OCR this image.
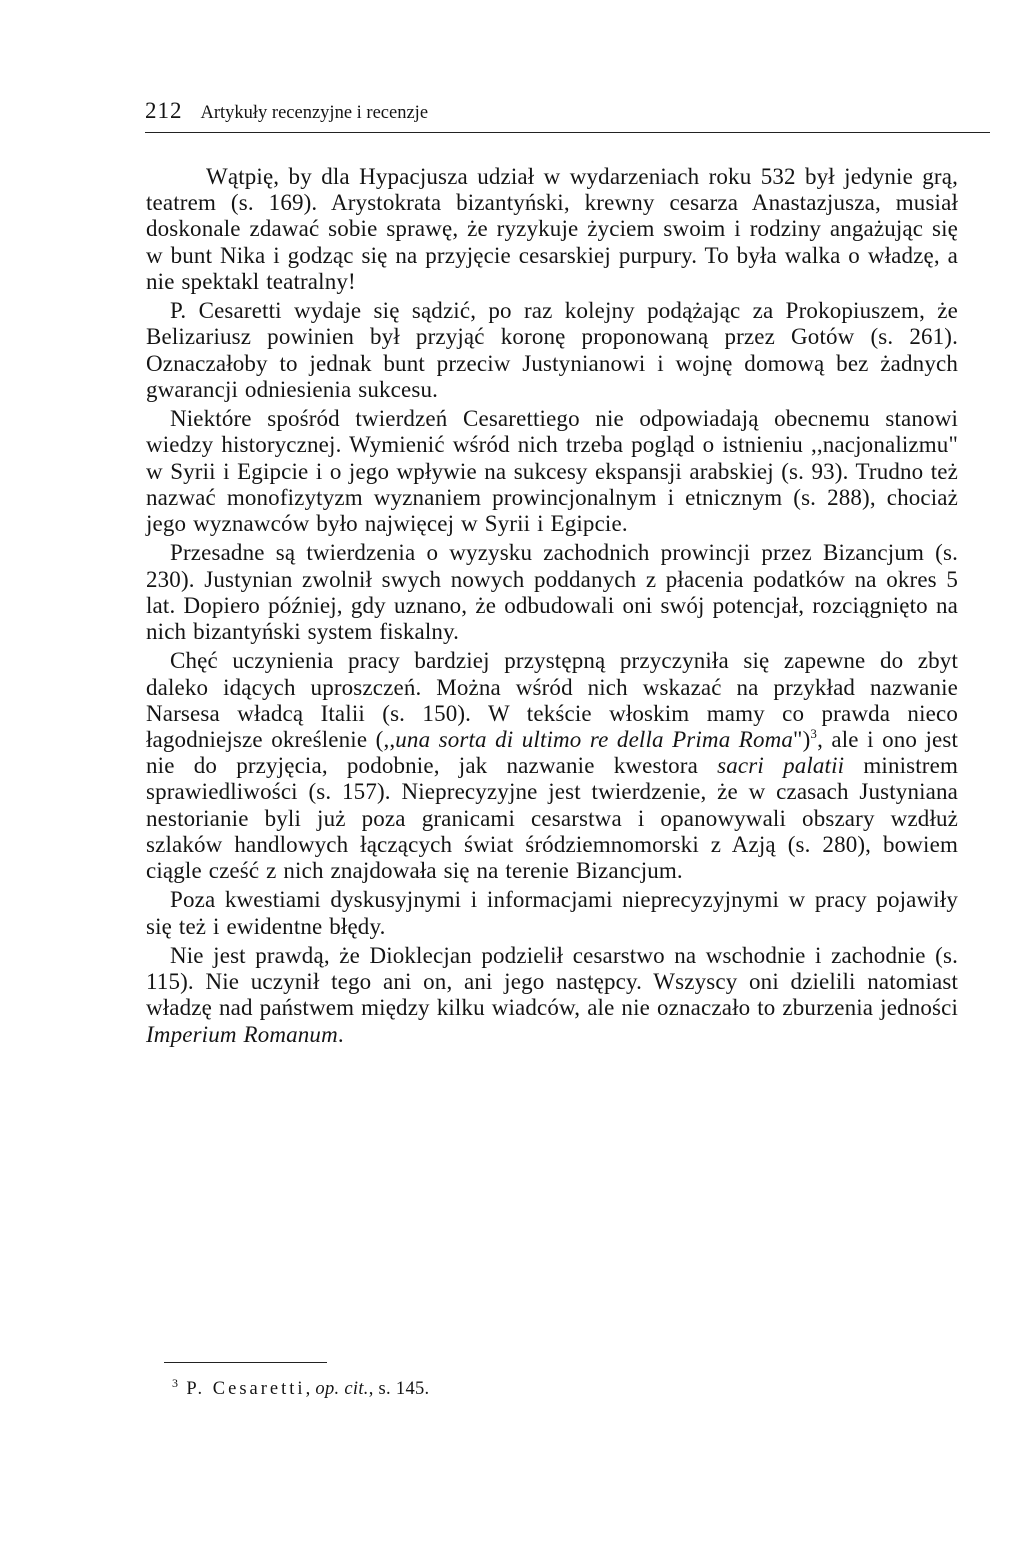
212 Artykuły recenzyjne i recenzje

Wątpię, by dla Hypacjusza udział w wydarzeniach roku 532 był jedynie grą, teatrem (s. 169). Arystokrata bizantyński, krewny cesarza Anastazjusza, musiał doskonale zdawać sobie sprawę, że ryzykuje życiem swoim i rodziny angażując się w bunt Nika i godząc się na przyjęcie cesarskiej purpury. To była walka o władzę, a nie spektakl teatralny!

P. Cesaretti wydaje się sądzić, po raz kolejny podążając za Prokopiuszem, że Belizariusz powinien był przyjąć koronę proponowaną przez Gotów (s. 261). Oznaczałoby to jednak bunt przeciw Justynianowi i wojnę domową bez żadnych gwarancji odniesienia sukcesu.

Niektóre spośród twierdzeń Cesarettiego nie odpowiadają obecnemu stanowi wiedzy historycznej. Wymienić wśród nich trzeba pogląd o istnieniu ,,nacjonalizmu" w Syrii i Egipcie i o jego wpływie na sukcesy ekspansji arabskiej (s. 93). Trudno też nazwać monofizytyzm wyznaniem prowincjonalnym i etnicznym (s. 288), chociaż jego wyznawców było najwięcej w Syrii i Egipcie.

Przesadne są twierdzenia o wyzysku zachodnich prowincji przez Bizancjum (s. 230). Justynian zwolnił swych nowych poddanych z płacenia podatków na okres 5 lat. Dopiero później, gdy uznano, że odbudowali oni swój potencjał, rozciągnięto na nich bizantyński system fiskalny.

Chęć uczynienia pracy bardziej przystępną przyczyniła się zapewne do zbyt daleko idących uproszczeń. Można wśród nich wskazać na przykład nazwanie Narsesa władcą Italii (s. 150). W tekście włoskim mamy co prawda nieco łagodniejsze określenie (,,una sorta di ultimo re della Prima Roma")$^3$, ale i ono jest nie do przyjęcia, podobnie, jak nazwanie kwestora sacri palatii ministrem sprawiedliwości (s. 157). Nieprecyzyjne jest twierdzenie, że w czasach Justyniana nestorianie byli już poza granicami cesarstwa i opanowywali obszary wzdłuż szlaków handlowych łączących świat śródziemnomorski z Azją (s. 280), bowiem ciągle cześć z nich znajdowała się na terenie Bizancjum.

Poza kwestiami dyskusyjnymi i informacjami nieprecyzyjnymi w pracy pojawiły się też i ewidentne błędy.

Nie jest prawdą, że Dioklecjan podzielił cesarstwo na wschodnie i zachodnie (s. 115). Nie uczynił tego ani on, ani jego następcy. Wszyscy oni dzielili natomiast władzę nad państwem między kilku wiadców, ale nie oznaczało to zburzenia jedności Imperium Romanum.

$^3$ P. Cesaretti, op. cit., s. 145.
